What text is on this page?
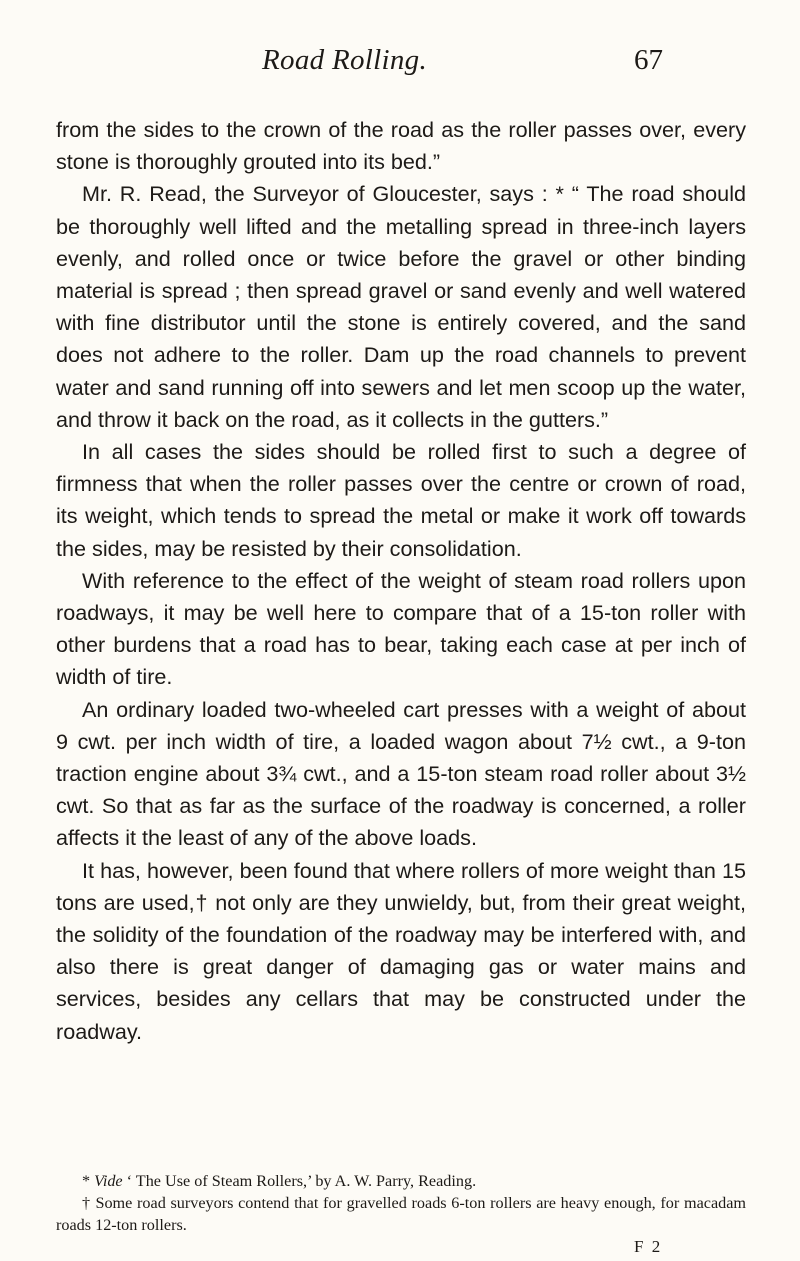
Road Rolling.	67

from the sides to the crown of the road as the roller passes over, every stone is thoroughly grouted into its bed.”

Mr. R. Read, the Surveyor of Gloucester, says : * “ The road should be thoroughly well lifted and the metalling spread in three-inch layers evenly, and rolled once or twice before the gravel or other binding material is spread ; then spread gravel or sand evenly and well watered with fine distributor until the stone is entirely covered, and the sand does not adhere to the roller. Dam up the road channels to prevent water and sand running off into sewers and let men scoop up the water, and throw it back on the road, as it collects in the gutters.”

In all cases the sides should be rolled first to such a degree of firmness that when the roller passes over the centre or crown of road, its weight, which tends to spread the metal or make it work off towards the sides, may be resisted by their consolidation.

With reference to the effect of the weight of steam road rollers upon roadways, it may be well here to compare that of a 15-ton roller with other burdens that a road has to bear, taking each case at per inch of width of tire.

An ordinary loaded two-wheeled cart presses with a weight of about 9 cwt. per inch width of tire, a loaded wagon about 7½ cwt., a 9-ton traction engine about 3¾ cwt., and a 15-ton steam road roller about 3½ cwt. So that as far as the surface of the roadway is concerned, a roller affects it the least of any of the above loads.

It has, however, been found that where rollers of more weight than 15 tons are used,† not only are they unwieldy, but, from their great weight, the solidity of the foundation of the roadway may be interfered with, and also there is great danger of damaging gas or water mains and services, besides any cellars that may be constructed under the roadway.

* Vide ‘ The Use of Steam Rollers,’ by A. W. Parry, Reading.

† Some road surveyors contend that for gravelled roads 6-ton rollers are heavy enough, for macadam roads 12-ton rollers.

F 2
